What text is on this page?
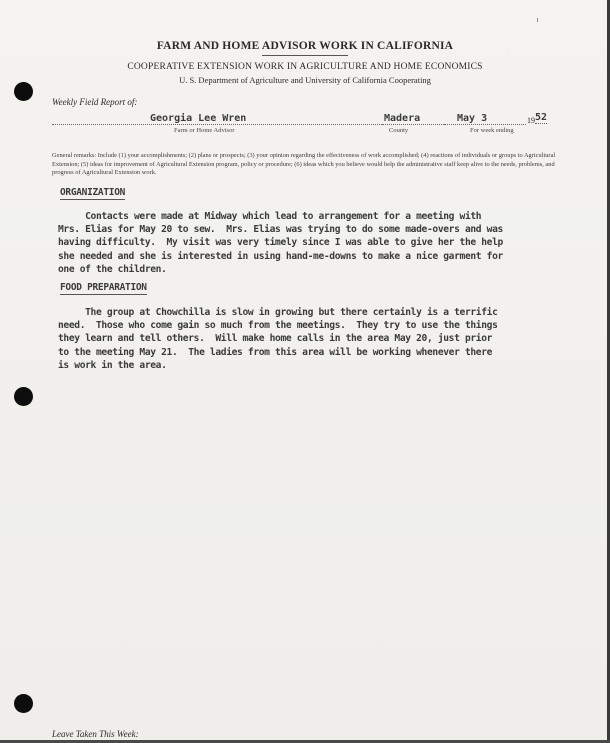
FARM AND HOME ADVISOR WORK IN CALIFORNIA
COOPERATIVE EXTENSION WORK IN AGRICULTURE AND HOME ECONOMICS
U. S. Department of Agriculture and University of California Cooperating
Weekly Field Report of:
Georgia Lee Wren
Farm or Home Advisor
Madera
County
May 3
For week ending
1952
General remarks: Include (1) your accomplishments; (2) plans or prospects; (3) your opinion regarding the effectiveness of work accomplished; (4) reactions of individuals or groups to Agricultural Extension; (5) ideas for improvement of Agricultural Extension program, policy or procedure; (6) ideas which you believe would help the administrative staff keep alive to the needs, problems, and progress of Agricultural Extension work.
ORGANIZATION
Contacts were made at Midway which lead to arrangement for a meeting with
Mrs. Elias for May 20 to sew.  Mrs. Elias was trying to do some made-overs and was
having difficulty.  My visit was very timely since I was able to give her the help
she needed and she is interested in using hand-me-downs to make a nice garment for
one of the children.
FOOD PREPARATION
The group at Chowchilla is slow in growing but there certainly is a terrific
need.  Those who come gain so much from the meetings.  They try to use the things
they learn and tell others.  Will make home calls in the area May 20, just prior
to the meeting May 21.  The ladies from this area will be working whenever there
is work in the area.
Leave Taken This Week:
